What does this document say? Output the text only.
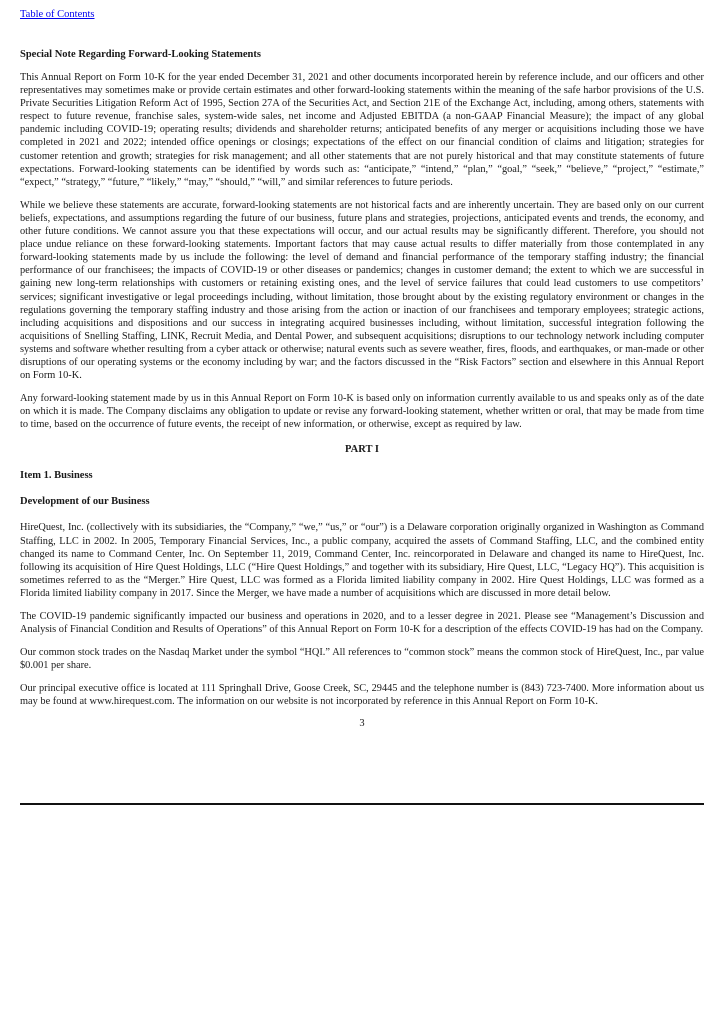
Table of Contents

Special Note Regarding Forward-Looking Statements

This Annual Report on Form 10-K for the year ended December 31, 2021 and other documents incorporated herein by reference include, and our officers and other representatives may sometimes make or provide certain estimates and other forward-looking statements within the meaning of the safe harbor provisions of the U.S. Private Securities Litigation Reform Act of 1995, Section 27A of the Securities Act, and Section 21E of the Exchange Act, including, among others, statements with respect to future revenue, franchise sales, system-wide sales, net income and Adjusted EBITDA (a non-GAAP Financial Measure); the impact of any global pandemic including COVID-19; operating results; dividends and shareholder returns; anticipated benefits of any merger or acquisitions including those we have completed in 2021 and 2022; intended office openings or closings; expectations of the effect on our financial condition of claims and litigation; strategies for customer retention and growth; strategies for risk management; and all other statements that are not purely historical and that may constitute statements of future expectations. Forward-looking statements can be identified by words such as: “anticipate,” “intend,” “plan,” “goal,” “seek,” “believe,” “project,” “estimate,” “expect,” “strategy,” “future,” “likely,” “may,” “should,” “will,” and similar references to future periods.

While we believe these statements are accurate, forward-looking statements are not historical facts and are inherently uncertain. They are based only on our current beliefs, expectations, and assumptions regarding the future of our business, future plans and strategies, projections, anticipated events and trends, the economy, and other future conditions. We cannot assure you that these expectations will occur, and our actual results may be significantly different. Therefore, you should not place undue reliance on these forward-looking statements. Important factors that may cause actual results to differ materially from those contemplated in any forward-looking statements made by us include the following: the level of demand and financial performance of the temporary staffing industry; the financial performance of our franchisees; the impacts of COVID-19 or other diseases or pandemics; changes in customer demand; the extent to which we are successful in gaining new long-term relationships with customers or retaining existing ones, and the level of service failures that could lead customers to use competitors’ services; significant investigative or legal proceedings including, without limitation, those brought about by the existing regulatory environment or changes in the regulations governing the temporary staffing industry and those arising from the action or inaction of our franchisees and temporary employees; strategic actions, including acquisitions and dispositions and our success in integrating acquired businesses including, without limitation, successful integration following the acquisitions of Snelling Staffing, LINK, Recruit Media, and Dental Power, and subsequent acquisitions; disruptions to our technology network including computer systems and software whether resulting from a cyber attack or otherwise; natural events such as severe weather, fires, floods, and earthquakes, or man-made or other disruptions of our operating systems or the economy including by war; and the factors discussed in the “Risk Factors” section and elsewhere in this Annual Report on Form 10-K.

Any forward-looking statement made by us in this Annual Report on Form 10-K is based only on information currently available to us and speaks only as of the date on which it is made. The Company disclaims any obligation to update or revise any forward-looking statement, whether written or oral, that may be made from time to time, based on the occurrence of future events, the receipt of new information, or otherwise, except as required by law.

PART I

Item 1. Business

Development of our Business

HireQuest, Inc. (collectively with its subsidiaries, the “Company,” “we,” “us,” or “our”) is a Delaware corporation originally organized in Washington as Command Staffing, LLC in 2002. In 2005, Temporary Financial Services, Inc., a public company, acquired the assets of Command Staffing, LLC, and the combined entity changed its name to Command Center, Inc. On September 11, 2019, Command Center, Inc. reincorporated in Delaware and changed its name to HireQuest, Inc. following its acquisition of Hire Quest Holdings, LLC (“Hire Quest Holdings,” and together with its subsidiary, Hire Quest, LLC, “Legacy HQ”). This acquisition is sometimes referred to as the “Merger.” Hire Quest, LLC was formed as a Florida limited liability company in 2002. Hire Quest Holdings, LLC was formed as a Florida limited liability company in 2017. Since the Merger, we have made a number of acquisitions which are discussed in more detail below.

The COVID-19 pandemic significantly impacted our business and operations in 2020, and to a lesser degree in 2021. Please see “Management’s Discussion and Analysis of Financial Condition and Results of Operations” of this Annual Report on Form 10-K for a description of the effects COVID-19 has had on the Company.

Our common stock trades on the Nasdaq Market under the symbol “HQI.” All references to “common stock” means the common stock of HireQuest, Inc., par value $0.001 per share.

Our principal executive office is located at 111 Springhall Drive, Goose Creek, SC, 29445 and the telephone number is (843) 723-7400. More information about us may be found at www.hirequest.com. The information on our website is not incorporated by reference in this Annual Report on Form 10-K.

3
